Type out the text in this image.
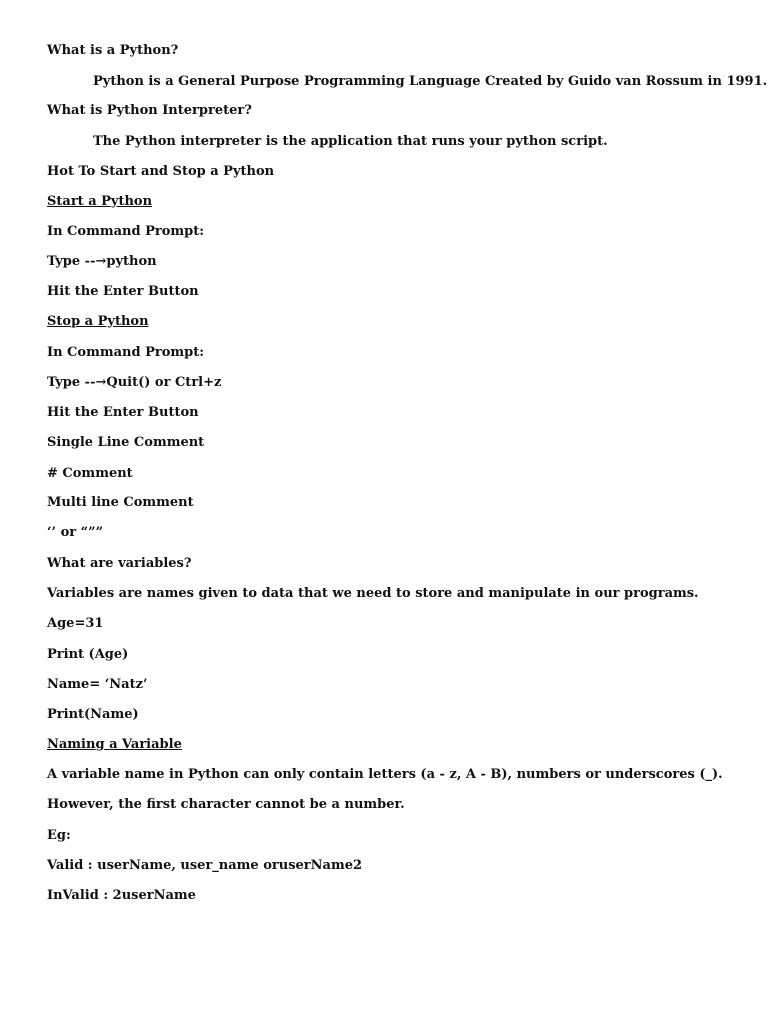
What is a Python?
Python is a General Purpose Programming Language Created by Guido van Rossum in 1991.
What is Python Interpreter?
The Python interpreter is the application that runs your python script.
Hot To Start and Stop a Python
Start a Python
In Command Prompt:
Type --→python
Hit the Enter Button
Stop a Python
In Command Prompt:
Type --→Quit() or Ctrl+z
Hit the Enter Button
Single Line Comment
# Comment
Multi line Comment
‘’ or “””
What are variables?
Variables are names given to data that we need to store and manipulate in our programs.
Age=31
Print (Age)
Name= ‘Natz’
Print(Name)
Naming a Variable
A variable name in Python can only contain letters (a - z, A - B), numbers or underscores (_).
However, the first character cannot be a number.
Eg:
Valid : userName, user_name oruserName2
InValid : 2userName
